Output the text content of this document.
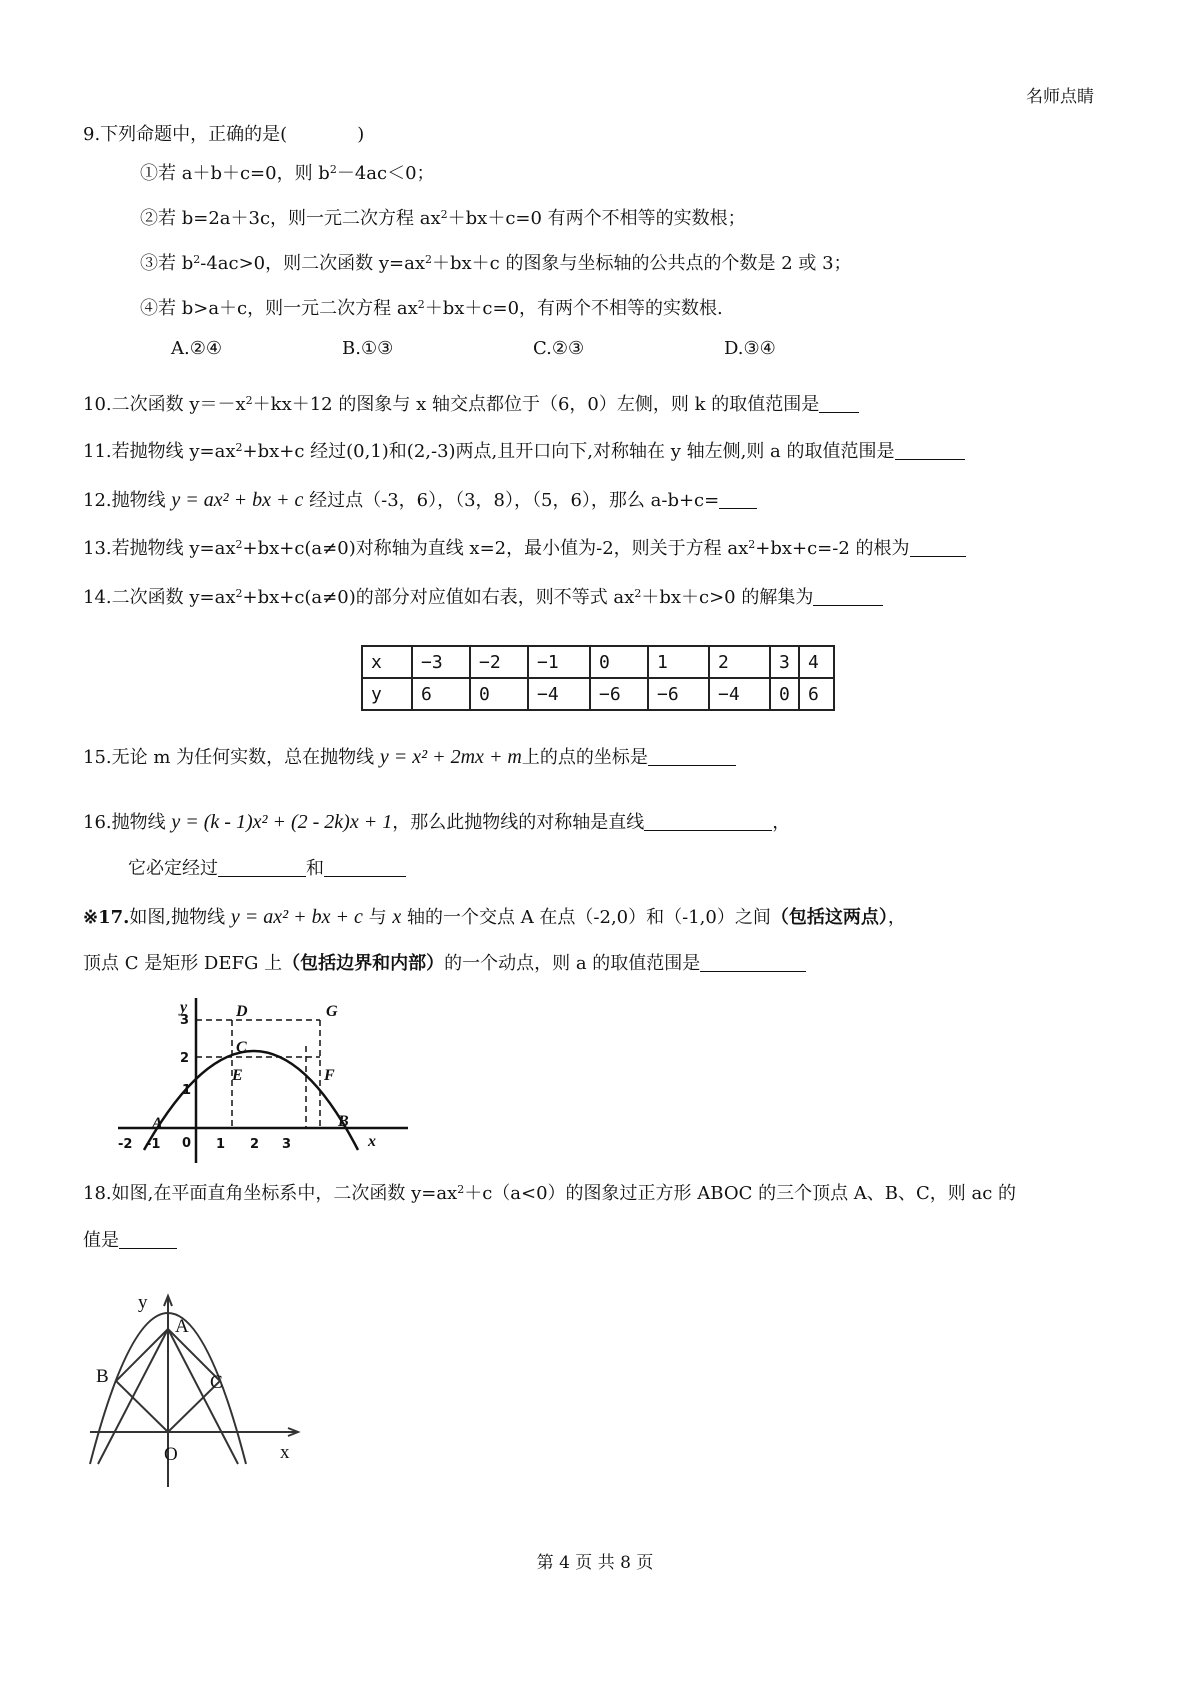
名师点睛
9.下列命题中，正确的是(	)
①若 a＋b＋c=0，则 $b^2-4ac<0$；
②若 b=2a＋3c，则一元二次方程 $ax^2+bx+c=0$ 有两个不相等的实数根；
③若 $b^2-4ac>0$，则二次函数 $y=ax^2+bx+c$ 的图象与坐标轴的公共点的个数是 2 或 3；
④若 b>a＋c，则一元二次方程 $ax^2+bx+c=0$，有两个不相等的实数根.
A.②④	B.①③	C.②③	D.③④
10.二次函数 $y=-x^2+kx+12$ 的图象与 x 轴交点都位于（6，0）左侧，则 k 的取值范围是
11.若抛物线 $y=ax^2+bx+c$ 经过(0,1)和(2,-3)两点,且开口向下,对称轴在 y 轴左侧,则 a 的取值范围是
12.抛物线 y = ax² + bx + c 经过点（-3，6），（3，8），（5，6），那么 a-b+c=
13.若抛物线 $y=ax^2+bx+c(a\ne 0)$对称轴为直线 x=2，最小值为-2，则关于方程 $ax^2+bx+c=-2$ 的根为
14.二次函数 $y=ax^2+bx+c(a\ne 0)$的部分对应值如右表，则不等式 $ax^2+bx+c>0$ 的解集为
x	−3	−2	−1	0	1	2	3	4
y	6	0	−4	−6	−6	−4	0	6
15.无论 m 为任何实数，总在抛物线 y = x² + 2mx + m上的点的坐标是
16.抛物线 y = (k - 1)x² + (2 - 2k)x + 1，那么此抛物线的对称轴是直线	，
它必定经过	和
※17.如图,抛物线 y = ax² + bx + c 与 x 轴的一个交点 A 在点（-2,0）和（-1,0）之间（包括这两点），
顶点 C 是矩形 DEFG 上（包括边界和内部）的一个动点，则 a 的取值范围是
y
x
D	G
C
E	F
A	B
0
-2 -1	1 2 3
1
2
3
18.如图,在平面直角坐标系中，二次函数 $y=ax^2+c(a<0)$的图象过正方形 ABOC 的三个顶点 A、B、C，则 ac 的
值是
y
x
A
B	C
O
第 4 页 共 8 页
